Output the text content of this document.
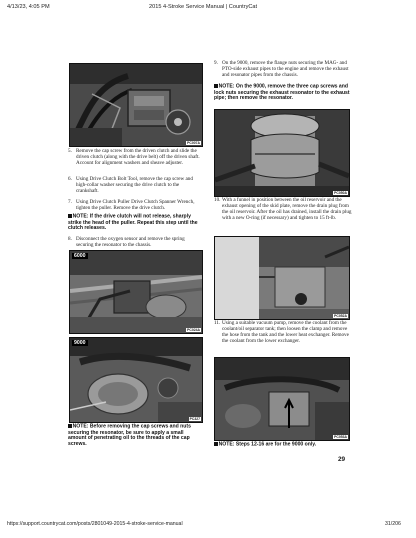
4/13/23, 4:05 PM	2015 4-Stroke Service Manual | CountryCat
PC007A
5. Remove the cap screw from the driven clutch and slide the driven clutch (along with the drive belt) off the driven shaft. Account for alignment washers and sheave adjuster.
6. Using Drive Clutch Bolt Tool, remove the cap screw and high-collar washer securing the drive clutch to the crankshaft.
7. Using Drive Clutch Puller Drive Clutch Spanner Wrench, tighten the puller. Remove the drive clutch.
NOTE: If the drive clutch will not release, sharply strike the head of the puller. Repeat this step until the clutch releases.
8. Disconnect the oxygen sensor and remove the spring securing the resonator to the chassis.
6000
PC024A
9000
PC327
NOTE: Before removing the cap screws and nuts securing the resonator, be sure to apply a small amount of penetrating oil to the threads of the cap screws.
9. On the 9000, remove the flange nuts securing the MAG- and PTO-side exhaust pipes to the engine and remove the exhaust and resonator pipes from the chassis.
NOTE: On the 9000, remove the three cap screws and lock nuts securing the exhaust resonator to the exhaust pipe; then remove the resonator.
PC050A
10. With a funnel in position between the oil reservoir and the exhaust opening of the skid plate, remove the drain plug from the oil reservoir. After the oil has drained, install the drain plug with a new O-ring (if necessary) and tighten to 15 ft-lb.
PC052A
11. Using a suitable vacuum pump, remove the coolant from the coolant/oil separator tank; then loosen the clamp and remove the hose from the tank and the lower heat exchanger. Remove the coolant from the lower exchanger.
PC053A
NOTE: Steps 12-16 are for the 9000 only.
29
https://support.countrycat.com/posts/2801049-2015-4-stroke-service-manual	31/206
